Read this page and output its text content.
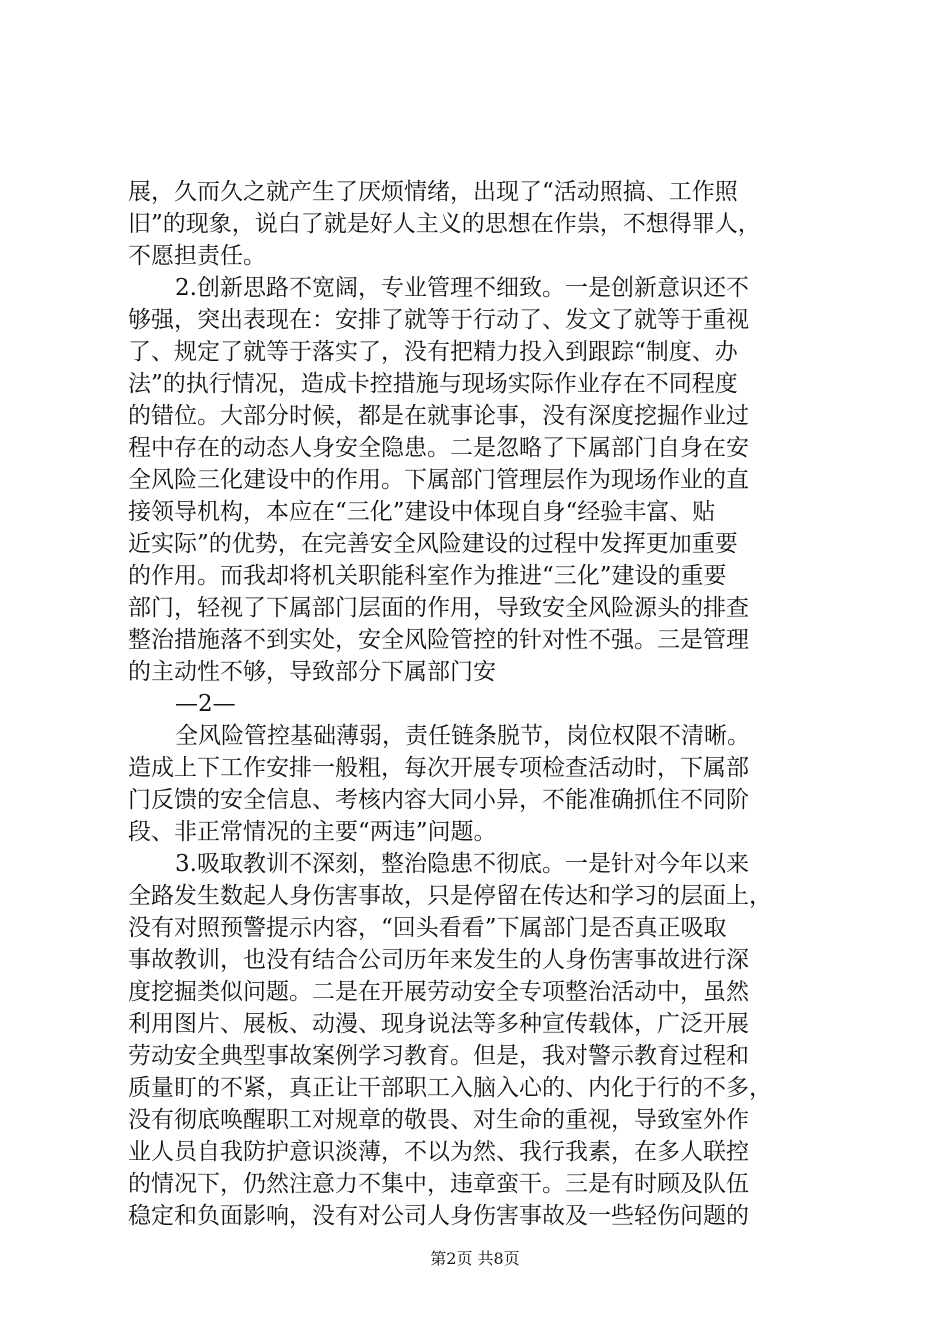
展，久而久之就产生了厌烦情绪，出现了“活动照搞、工作照
旧”的现象，说白了就是好人主义的思想在作祟，不想得罪人，
不愿担责任。
2.创新思路不宽阔，专业管理不细致。一是创新意识还不
够强，突出表现在：安排了就等于行动了、发文了就等于重视
了、规定了就等于落实了，没有把精力投入到跟踪“制度、办
法”的执行情况，造成卡控措施与现场实际作业存在不同程度
的错位。大部分时候，都是在就事论事，没有深度挖掘作业过
程中存在的动态人身安全隐患。二是忽略了下属部门自身在安
全风险三化建设中的作用。下属部门管理层作为现场作业的直
接领导机构，本应在“三化”建设中体现自身“经验丰富、贴
近实际”的优势，在完善安全风险建设的过程中发挥更加重要
的作用。而我却将机关职能科室作为推进“三化”建设的重要
部门，轻视了下属部门层面的作用，导致安全风险源头的排查
整治措施落不到实处，安全风险管控的针对性不强。三是管理
的主动性不够，导致部分下属部门安
—2—
全风险管控基础薄弱，责任链条脱节，岗位权限不清晰。
造成上下工作安排一般粗，每次开展专项检查活动时，下属部
门反馈的安全信息、考核内容大同小异，不能准确抓住不同阶
段、非正常情况的主要“两违”问题。
3.吸取教训不深刻，整治隐患不彻底。一是针对今年以来
全路发生数起人身伤害事故，只是停留在传达和学习的层面上，
没有对照预警提示内容，“回头看看”下属部门是否真正吸取
事故教训，也没有结合公司历年来发生的人身伤害事故进行深
度挖掘类似问题。二是在开展劳动安全专项整治活动中，虽然
利用图片、展板、动漫、现身说法等多种宣传载体，广泛开展
劳动安全典型事故案例学习教育。但是，我对警示教育过程和
质量盯的不紧，真正让干部职工入脑入心的、内化于行的不多，
没有彻底唤醒职工对规章的敬畏、对生命的重视，导致室外作
业人员自我防护意识淡薄，不以为然、我行我素，在多人联控
的情况下，仍然注意力不集中，违章蛮干。三是有时顾及队伍
稳定和负面影响，没有对公司人身伤害事故及一些轻伤问题的
第2页 共8页
